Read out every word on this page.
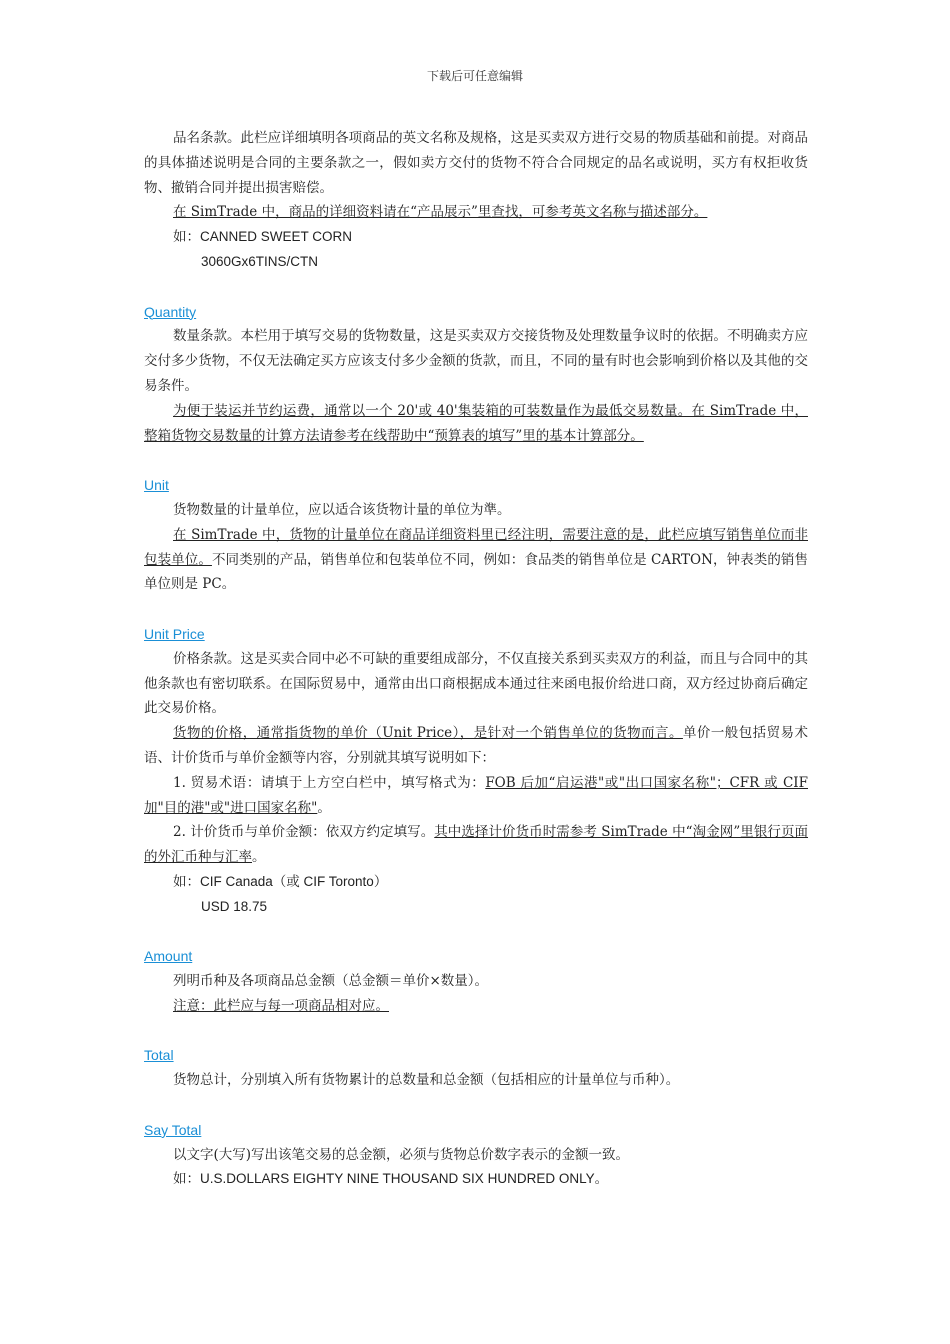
下载后可任意编辑

品名条款。此栏应详细填明各项商品的英文名称及规格，这是买卖双方进行交易的物质基础和前提。对商品的具体描述说明是合同的主要条款之一，假如卖方交付的货物不符合合同规定的品名或说明，买方有权拒收货物、撤销合同并提出损害赔偿。

在 SimTrade 中，商品的详细资料请在“产品展示”里查找，可参考英文名称与描述部分。

如：CANNED SWEET CORN

3060Gx6TINS/CTN

Quantity

数量条款。本栏用于填写交易的货物数量，这是买卖双方交接货物及处理数量争议时的依据。不明确卖方应交付多少货物，不仅无法确定买方应该支付多少金额的货款，而且，不同的量有时也会影响到价格以及其他的交易条件。

为便于装运并节约运费，通常以一个 20'或 40'集装箱的可装数量作为最低交易数量。在 SimTrade 中，整箱货物交易数量的计算方法请参考在线帮助中“预算表的填写”里的基本计算部分。

Unit

货物数量的计量单位，应以适合该货物计量的单位为準。

在 SimTrade 中，货物的计量单位在商品详细资料里已经注明，需要注意的是，此栏应填写销售单位而非包装单位。不同类别的产品，销售单位和包装单位不同，例如：食品类的销售单位是 CARTON，钟表类的销售单位则是 PC。

Unit Price

价格条款。这是买卖合同中必不可缺的重要组成部分，不仅直接关系到买卖双方的利益，而且与合同中的其他条款也有密切联系。在国际贸易中，通常由出口商根据成本通过往来函电报价给进口商，双方经过协商后确定此交易价格。

货物的价格，通常指货物的单价（Unit Price），是针对一个销售单位的货物而言。单价一般包括贸易术语、计价货币与单价金额等内容，分别就其填写说明如下：

1. 贸易术语：请填于上方空白栏中，填写格式为：FOB 后加“启运港"或"出口国家名称"；CFR 或 CIF 加"目的港"或"进口国家名称"。

2. 计价货币与单价金额：依双方约定填写。其中选择计价货币时需参考 SimTrade 中“淘金网”里银行页面的外汇币种与汇率。

如：CIF Canada（或 CIF Toronto）

USD 18.75

Amount

列明币种及各项商品总金额（总金额＝单价×数量）。

注意：此栏应与每一项商品相对应。

Total

货物总计，分别填入所有货物累计的总数量和总金额（包括相应的计量单位与币种）。

Say Total

以文字(大写)写出该笔交易的总金额，必须与货物总价数字表示的金额一致。

如：U.S.DOLLARS EIGHTY NINE THOUSAND SIX HUNDRED ONLY。
